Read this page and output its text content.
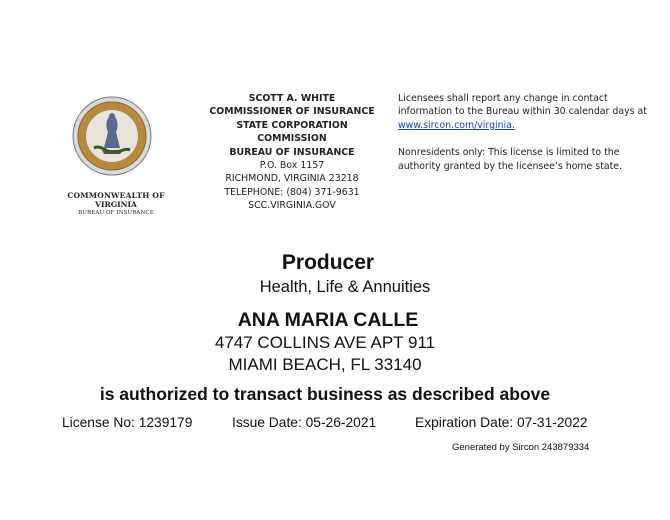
COMMONWEALTH OF
VIRGINIA
BUREAU OF INSURANCE
SCOTT A. WHITE
COMMISSIONER OF INSURANCE
STATE CORPORATION
COMMISSION
BUREAU OF INSURANCE
P.O. Box 1157
RICHMOND, VIRGINIA 23218
TELEPHONE: (804) 371-9631
SCC.VIRGINIA.GOV

Licensees shall report any change in contact information to the Bureau within 30 calendar days at
www.sircon.com/virginia.

Nonresidents only: This license is limited to the authority granted by the licensee’s home state.

Producer
Health, Life & Annuities
ANA MARIA CALLE
4747 COLLINS AVE APT 911
MIAMI BEACH, FL 33140
is authorized to transact business as described above
License No: 1239179	Issue Date: 05-26-2021	Expiration Date: 07-31-2022
Generated by Sircon 243879334
